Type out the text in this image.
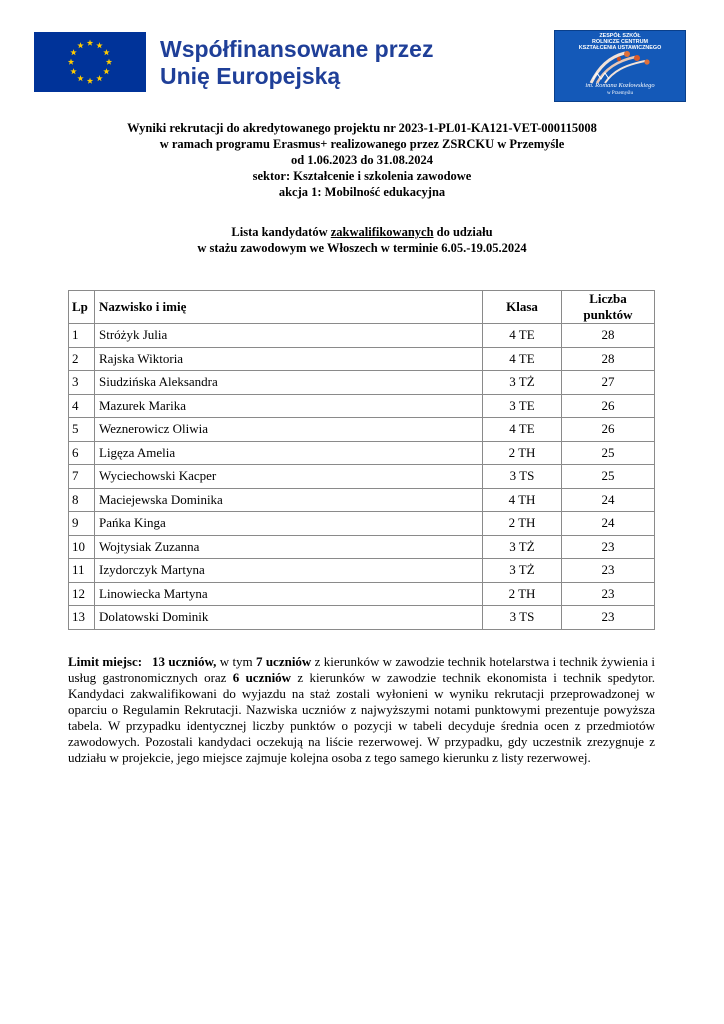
Współfinansowane przez
Unię Europejską
ZESPÓŁ SZKÓŁ
ROLNICZE CENTRUM
KSZTAŁCENIA USTAWICZNEGO
im. Romana Kozłowskiego
w Przemyślu
Wyniki rekrutacji do akredytowanego projektu nr 2023-1-PL01-KA121-VET-000115008
w ramach programu Erasmus+ realizowanego przez ZSRCKU w Przemyśle
od 1.06.2023 do 31.08.2024
sektor: Kształcenie i szkolenia zawodowe
akcja 1: Mobilność edukacyjna
Lista kandydatów zakwalifikowanych do udziału
w stażu zawodowym we Włoszech w terminie 6.05.-19.05.2024
Lp	Nazwisko i imię	Klasa	Liczba punktów
1	Stróżyk Julia	4 TE	28
2	Rajska Wiktoria	4 TE	28
3	Siudzińska Aleksandra	3 TŻ	27
4	Mazurek Marika	3 TE	26
5	Weznerowicz Oliwia	4 TE	26
6	Ligęza Amelia	2 TH	25
7	Wyciechowski Kacper	3 TS	25
8	Maciejewska Dominika	4 TH	24
9	Pańka Kinga	2 TH	24
10	Wojtysiak Zuzanna	3 TŻ	23
11	Izydorczyk Martyna	3 TŻ	23
12	Linowiecka Martyna	2 TH	23
13	Dolatowski Dominik	3 TS	23
Limit miejsc: 13 uczniów, w tym 7 uczniów z kierunków w zawodzie technik hotelarstwa i technik żywienia i usług gastronomicznych oraz 6 uczniów z kierunków w zawodzie technik ekonomista i technik spedytor. Kandydaci zakwalifikowani do wyjazdu na staż zostali wyłonieni w wyniku rekrutacji przeprowadzonej w oparciu o Regulamin Rekrutacji. Nazwiska uczniów z najwyższymi notami punktowymi prezentuje powyższa tabela. W przypadku identycznej liczby punktów o pozycji w tabeli decyduje średnia ocen z przedmiotów zawodowych. Pozostali kandydaci oczekują na liście rezerwowej. W przypadku, gdy uczestnik zrezygnuje z udziału w projekcie, jego miejsce zajmuje kolejna osoba z tego samego kierunku z listy rezerwowej.
